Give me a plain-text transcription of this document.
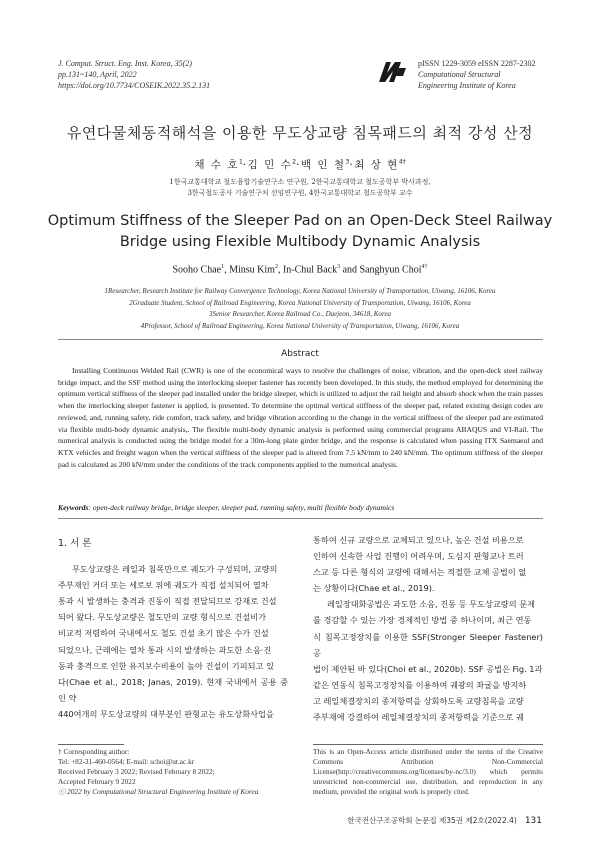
J. Comput. Struct. Eng. Inst. Korea, 35(2)
pp.131~140, April, 2022
https://doi.org/10.7734/COSEIK.2022.35.2.131
pISSN 1229-3059 eISSN 2287-2302
Computational Structural
Engineering Institute of Korea
유연다물체동적해석을 이용한 무도상교량 침목패드의 최적 강성 산정
채 수 호$^1$·김 민 수$^2$·백 인 철$^3$·최 상 현$^{4\dagger}$
1한국교통대학교 철도융합기술연구소 연구원, 2한국교통대학교 철도공학부 박사과정,
3한국철도공사 기술연구처 선임연구원, 4한국교통대학교 철도공학부 교수
Optimum Stiffness of the Sleeper Pad on an Open-Deck Steel Railway
Bridge using Flexible Multibody Dynamic Analysis
Sooho Chae$^1$, Minsu Kim$^2$, In-Chul Back$^3$ and Sanghyun Choi$^{4\dagger}$
1Researcher, Research Institute for Railway Convergence Technology, Korea National University of Transportation, Uiwang, 16106, Korea
2Graduate Student, School of Railroad Engineering, Korea National University of Transportation, Uiwang, 16106, Korea
3Senior Researcher, Korea Railroad Co., Daejeon, 34618, Korea
4Professor, School of Railroad Engineering, Korea National University of Transportation, Uiwang, 16106, Korea
Abstract
Installing Continuous Welded Rail (CWR) is one of the economical ways to resolve the challenges of noise, vibration, and the open-deck steel railway bridge impact, and the SSF method using the interlocking sleeper fastener has recently been developed. In this study, the method employed for determining the optimum vertical stiffness of the sleeper pad installed under the bridge sleeper, which is utilized to adjust the rail height and absorb shock when the train passes when the interlocking sleeper fastener is applied, is presented. To determine the optimal vertical stiffness of the sleeper pad, related existing design codes are reviewed, and, running safety, ride comfort, track safety, and bridge vibration according to the change in the vertical stiffness of the sleeper pad are estimated via flexible multi-body dynamic analysis,. The flexible multi-body dynamic analysis is performed using commercial programs ABAQUS and VI-Rail. The numerical analysis is conducted using the bridge model for a 30m-long plate girder bridge, and the response is calculated when passing ITX Saemaeul and KTX vehicles and freight wagon when the vertical stiffness of the sleeper pad is altered from 7.5 kN/mm to 240 kN/mm. The optimum stiffness of the sleeper pad is calculated as 200 kN/mm under the conditions of the track components applied to the numerical analysis.
Keywords: open-deck railway bridge, bridge sleeper, sleeper pad, running safety, multi flexible body dynamics
1. 서 론
무도상교량은 레일과 침목만으로 궤도가 구성되며, 교량의
주부재인 거더 또는 세로보 위에 궤도가 직접 설치되어 열차
통과 시 발생하는 충격과 진동이 직접 전달되므로 강재로 건설
되어 왔다. 무도상교량은 철도만의 교량 형식으로 건설비가
비교적 저렴하여 국내에서도 철도 건설 초기 많은 수가 건설
되었으나, 근래에는 열차 통과 시의 발생하는 과도한 소음·진
동과 충격으로 인한 유지보수비용이 높아 건설이 기피되고 있
다(Chae et al., 2018; Janas, 2019). 현재 국내에서 공용 중인 약
440여개의 무도상교량의 대부분인 판형교는 유도상화사업을
통하여 신규 교량으로 교체되고 있으나, 높은 건설 비용으로
인하여 신속한 사업 진행이 어려우며, 도심지 판형교나 트러
스교 등 다른 형식의 교량에 대해서는 적절한 교체 공법이 없
는 상황이다(Chae et al., 2019).
레일장대화공법은 과도한 소음, 진동 등 무도상교량의 문제
를 경감할 수 있는 가장 경제적인 방법 중 하나이며, 최근 연동
식 침목고정장치를 이용한 SSF(Stronger Sleeper Fastener) 공
법이 제안된 바 있다(Choi et al., 2020b). SSF 공법은 Fig. 1과
같은 연동식 침목고정장치를 이용하여 궤광의 좌굴을 방지하
고 레일체결장치의 종저항력을 상회하도록 교량침목을 교량
주부재에 강결하여 레일체결장치의 종저항력을 기준으로 궤
† Corresponding author:
Tel: +82-31-460-0564; E-mail: schoi@ut.ac.kr
Received February 3 2022; Revised February 8 2022;
Accepted February 9 2022
ⓒ 2022 by Computational Structural Engineering Institute of Korea
This is an Open-Access article distributed under the terms of the Creative Commons Attribution Non-Commercial License(http://creativecommons.org/licenses/by-nc/3.0) which permits unrestricted non-commercial use, distribution, and reproduction in any medium, provided the original work is properly cited.
한국전산구조공학회 논문집 제35권 제2호(2022.4) 131
